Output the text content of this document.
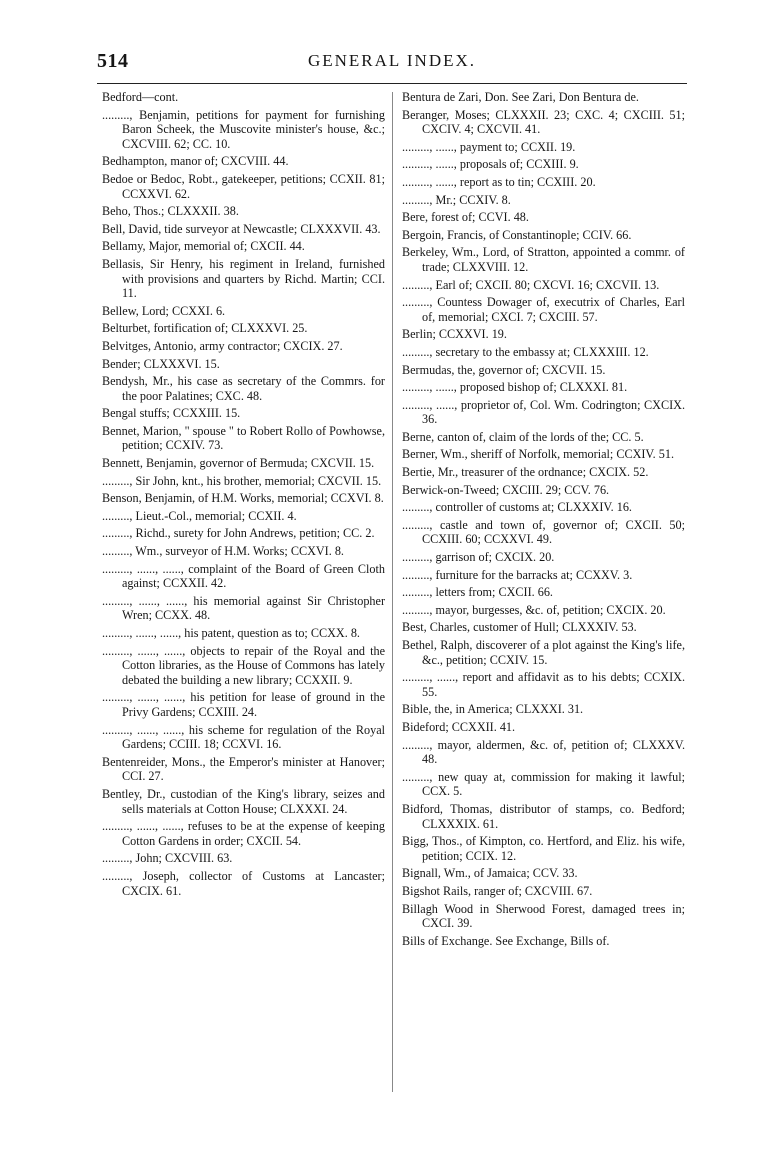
514	GENERAL INDEX.
Bedford—cont.
........., Benjamin, petitions for payment for furnishing Baron Scheek, the Muscovite minister's house, &c.; CXCVIII. 62; CC. 10.
Bedhampton, manor of; CXCVIII. 44.
Bedoe or Bedoc, Robt., gatekeeper, petitions; CCXII. 81; CCXXVI. 62.
Beho, Thos.; CLXXXII. 38.
Bell, David, tide surveyor at Newcastle; CLXXXVII. 43.
Bellamy, Major, memorial of; CXCII. 44.
Bellasis, Sir Henry, his regiment in Ireland, furnished with provisions and quarters by Richd. Martin; CCI. 11.
Bellew, Lord; CCXXI. 6.
Belturbet, fortification of; CLXXXVI. 25.
Belvitges, Antonio, army contractor; CXCIX. 27.
Bender; CLXXXVI. 15.
Bendysh, Mr., his case as secretary of the Commrs. for the poor Palatines; CXC. 48.
Bengal stuffs; CCXXIII. 15.
Bennet, Marion, " spouse " to Robert Rollo of Powhowse, petition; CCXIV. 73.
Bennett, Benjamin, governor of Bermuda; CXCVII. 15.
........., Sir John, knt., his brother, memorial; CXCVII. 15.
Benson, Benjamin, of H.M. Works, memorial; CCXVI. 8.
........., Lieut.-Col., memorial; CCXII. 4.
........., Richd., surety for John Andrews, petition; CC. 2.
........., Wm., surveyor of H.M. Works; CCXVI. 8.
........., ......, ......, complaint of the Board of Green Cloth against; CCXXII. 42.
........., ......, ......, his memorial against Sir Christopher Wren; CCXX. 48.
........., ......, ......, his patent, question as to; CCXX. 8.
........., ......, ......, objects to repair of the Royal and the Cotton libraries, as the House of Commons has lately debated the building a new library; CCXXII. 9.
........., ......, ......, his petition for lease of ground in the Privy Gardens; CCXIII. 24.
........., ......, ......, his scheme for regulation of the Royal Gardens; CCIII. 18; CCXVI. 16.
Bentenreider, Mons., the Emperor's minister at Hanover; CCI. 27.
Bentley, Dr., custodian of the King's library, seizes and sells materials at Cotton House; CLXXXI. 24.
........., ......, ......, refuses to be at the expense of keeping Cotton Gardens in order; CXCII. 54.
........., John; CXCVIII. 63.
........., Joseph, collector of Customs at Lancaster; CXCIX. 61.
Bentura de Zari, Don. See Zari, Don Bentura de.
Beranger, Moses; CLXXXII. 23; CXC. 4; CXCIII. 51; CXCIV. 4; CXCVII. 41.
........., ......, payment to; CCXII. 19.
........., ......, proposals of; CCXIII. 9.
........., ......, report as to tin; CCXIII. 20.
........., Mr.; CCXIV. 8.
Bere, forest of; CCVI. 48.
Bergoin, Francis, of Constantinople; CCIV. 66.
Berkeley, Wm., Lord, of Stratton, appointed a commr. of trade; CLXXVIII. 12.
........., Earl of; CXCII. 80; CXCVI. 16; CXCVII. 13.
........., Countess Dowager of, executrix of Charles, Earl of, memorial; CXCI. 7; CXCIII. 57.
Berlin; CCXXVI. 19.
........., secretary to the embassy at; CLXXXIII. 12.
Bermudas, the, governor of; CXCVII. 15.
........., ......, proposed bishop of; CLXXXI. 81.
........., ......, proprietor of, Col. Wm. Codrington; CXCIX. 36.
Berne, canton of, claim of the lords of the; CC. 5.
Berner, Wm., sheriff of Norfolk, memorial; CCXIV. 51.
Bertie, Mr., treasurer of the ordnance; CXCIX. 52.
Berwick-on-Tweed; CXCIII. 29; CCV. 76.
........., controller of customs at; CLXXXIV. 16.
........., castle and town of, governor of; CXCII. 50; CCXIII. 60; CCXXVI. 49.
........., garrison of; CXCIX. 20.
........., furniture for the barracks at; CCXXV. 3.
........., letters from; CXCII. 66.
........., mayor, burgesses, &c. of, petition; CXCIX. 20.
Best, Charles, customer of Hull; CLXXXIV. 53.
Bethel, Ralph, discoverer of a plot against the King's life, &c., petition; CCXIV. 15.
........., ......, report and affidavit as to his debts; CCXIX. 55.
Bible, the, in America; CLXXXI. 31.
Bideford; CCXXII. 41.
........., mayor, aldermen, &c. of, petition of; CLXXXV. 48.
........., new quay at, commission for making it lawful; CCX. 5.
Bidford, Thomas, distributor of stamps, co. Bedford; CLXXXIX. 61.
Bigg, Thos., of Kimpton, co. Hertford, and Eliz. his wife, petition; CCIX. 12.
Bignall, Wm., of Jamaica; CCV. 33.
Bigshot Rails, ranger of; CXCVIII. 67.
Billagh Wood in Sherwood Forest, damaged trees in; CXCI. 39.
Bills of Exchange. See Exchange, Bills of.
